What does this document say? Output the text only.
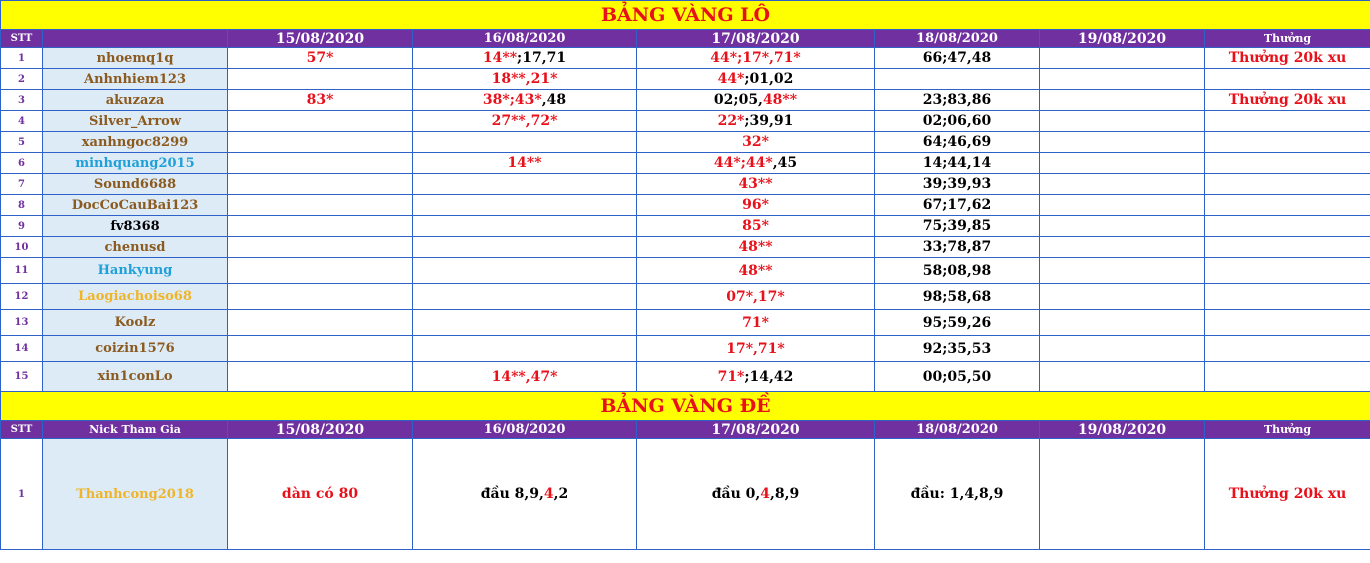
BẢNG VÀNG LÔ							
STT		15/08/2020	16/08/2020	17/08/2020	18/08/2020	19/08/2020	Thưởng
1	nhoemq1q	57*	14**;17,71	44*;17*,71*	66;47,48		Thưởng 20k xu
2	Anhnhiem123		18**,21*	44*;01,02			
3	akuzaza	83*	38*;43*,48	02;05,48**	23;83,86		Thưởng 20k xu
4	Silver_Arrow		27**,72*	22*;39,91	02;06,60		
5	xanhngoc8299			32*	64;46,69		
6	minhquang2015		14**	44*;44*,45	14;44,14		
7	Sound6688			43**	39;39,93		
8	DocCoCauBai123			96*	67;17,62		
9	fv8368			85*	75;39,85		
10	chenusd			48**	33;78,87		
11	Hankyung			48**	58;08,98		
12	Laogiachoiso68			07*,17*	98;58,68		
13	Koolz			71*	95;59,26		
14	coizin1576			17*,71*	92;35,53		
15	xin1conLo		14**,47*	71*;14,42	00;05,50		
BẢNG VÀNG ĐỀ							
STT	Nick Tham Gia	15/08/2020	16/08/2020	17/08/2020	18/08/2020	19/08/2020	Thưởng
1	Thanhcong2018	dàn có 80	đầu 8,9,4,2	đầu 0,4,8,9	đầu: 1,4,8,9		Thưởng 20k xu
